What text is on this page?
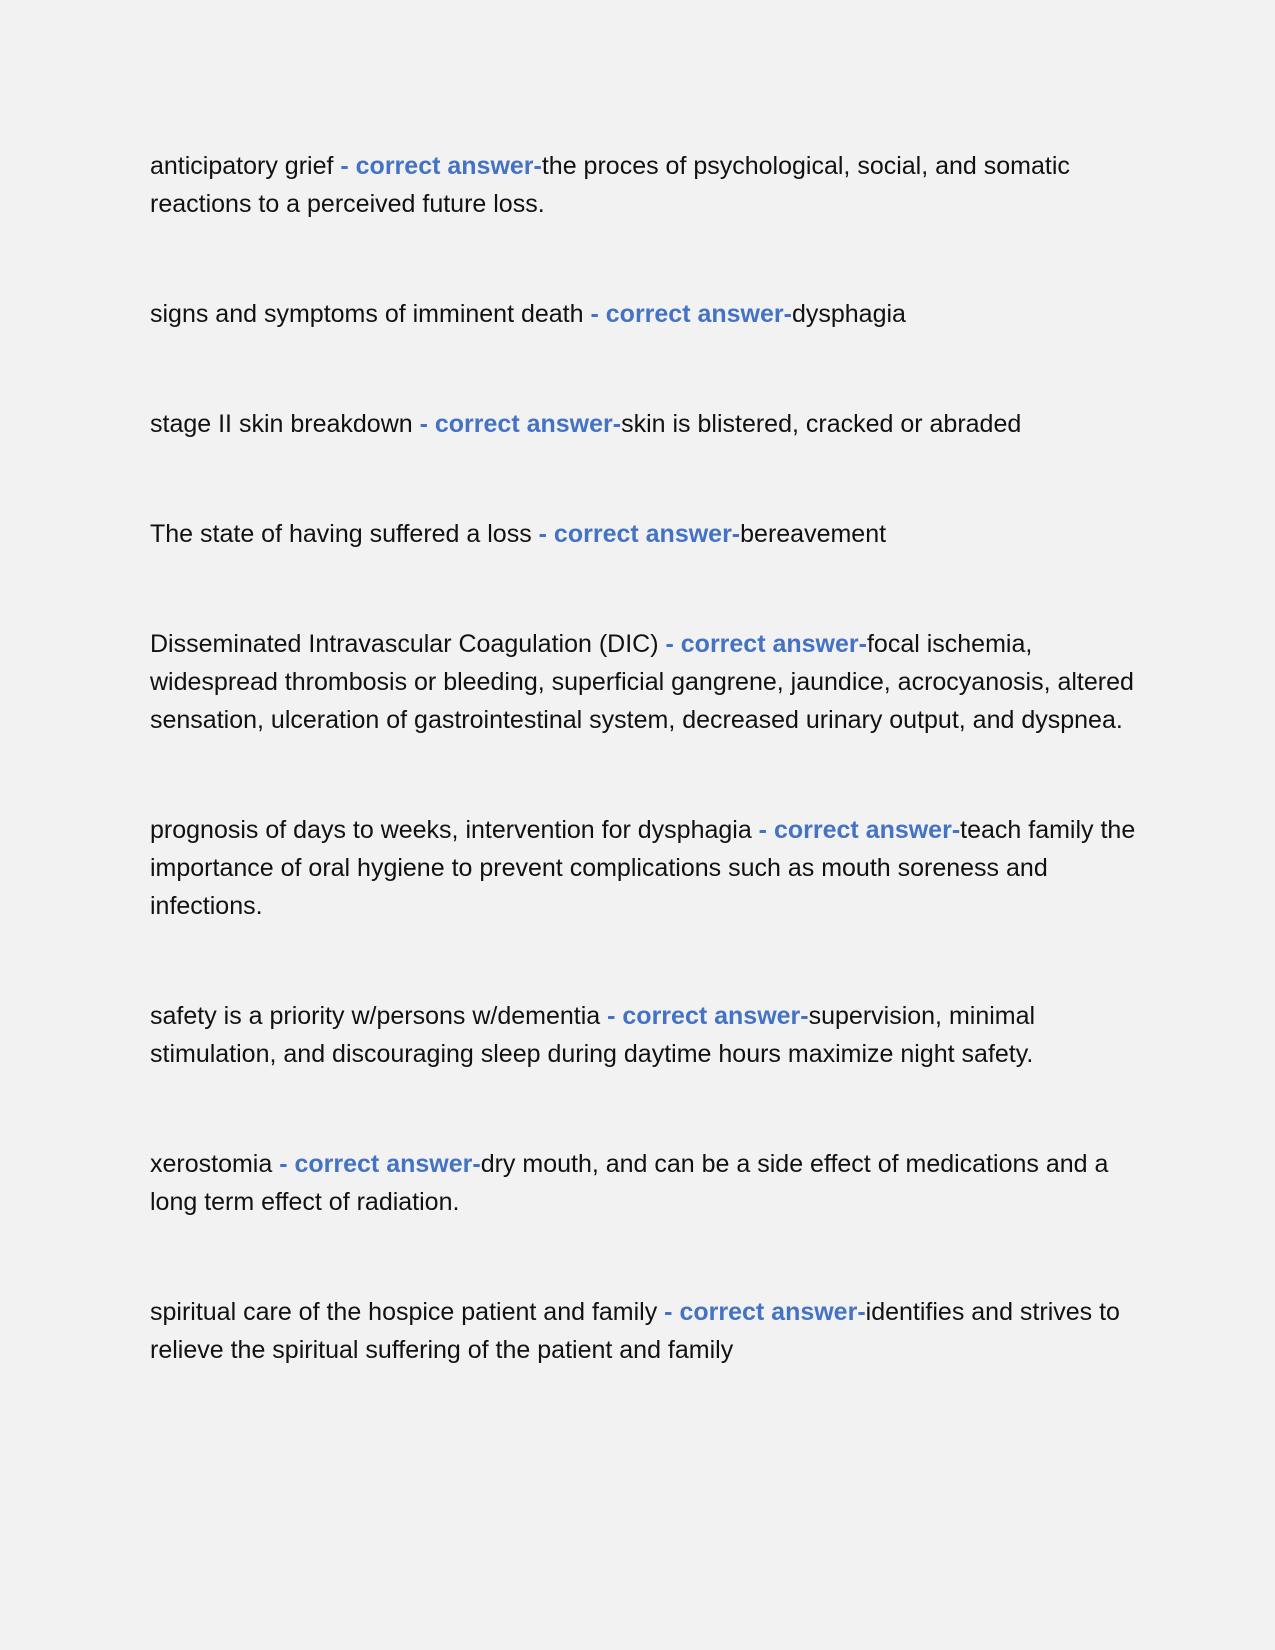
anticipatory grief - correct answer-the proces of psychological, social, and somatic reactions to a perceived future loss.

signs and symptoms of imminent death - correct answer-dysphagia

stage II skin breakdown - correct answer-skin is blistered, cracked or abraded

The state of having suffered a loss - correct answer-bereavement

Disseminated Intravascular Coagulation (DIC) - correct answer-focal ischemia, widespread thrombosis or bleeding, superficial gangrene, jaundice, acrocyanosis, altered sensation, ulceration of gastrointestinal system, decreased urinary output, and dyspnea.

prognosis of days to weeks, intervention for dysphagia - correct answer-teach family the importance of oral hygiene to prevent complications such as mouth soreness and infections.

safety is a priority w/persons w/dementia - correct answer-supervision, minimal stimulation, and discouraging sleep during daytime hours maximize night safety.

xerostomia - correct answer-dry mouth, and can be a side effect of medications and a long term effect of radiation.

spiritual care of the hospice patient and family - correct answer-identifies and strives to relieve the spiritual suffering of the patient and family
